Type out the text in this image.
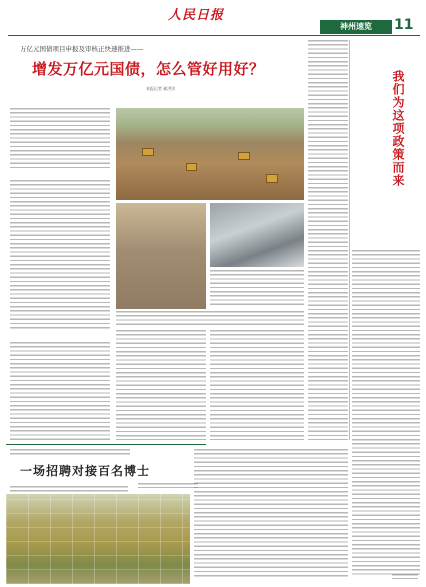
人民日报
神州速览	11
万亿元国债项目申报及审核正快速推进——
增发万亿元国债，怎么管好用好？
本报记者 郝洪洋	我们为这项政策而来
一场招聘对接百名博士
